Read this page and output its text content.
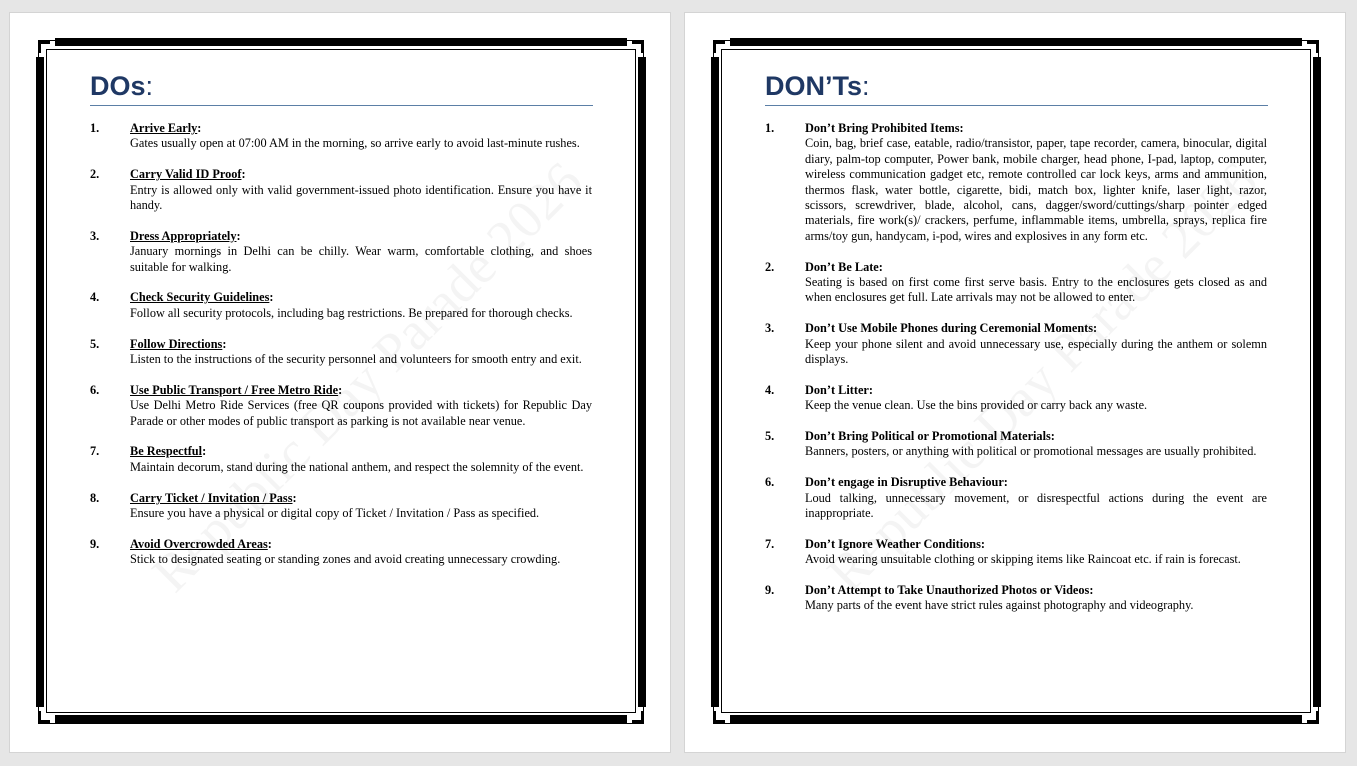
DOs:
1.	Arrive Early:
Gates usually open at 07:00 AM in the morning, so arrive early to avoid last-minute rushes.
2.	Carry Valid ID Proof:
Entry is allowed only with valid government-issued photo identification. Ensure you have it handy.
3.	Dress Appropriately:
January mornings in Delhi can be chilly. Wear warm, comfortable clothing, and shoes suitable for walking.
4.	Check Security Guidelines:
Follow all security protocols, including bag restrictions. Be prepared for thorough checks.
5.	Follow Directions:
Listen to the instructions of the security personnel and volunteers for smooth entry and exit.
6.	Use Public Transport / Free Metro Ride:
Use Delhi Metro Ride Services (free QR coupons provided with tickets) for Republic Day Parade or other modes of public transport as parking is not available near venue.
7.	Be Respectful:
Maintain decorum, stand during the national anthem, and respect the solemnity of the event.
8.	Carry Ticket / Invitation / Pass:
Ensure you have a physical or digital copy of Ticket / Invitation / Pass as specified.
9.	Avoid Overcrowded Areas:
Stick to designated seating or standing zones and avoid creating unnecessary crowding.
DON’Ts:
1.	Don’t Bring Prohibited Items:
Coin, bag, brief case, eatable, radio/transistor, paper, tape recorder, camera, binocular, digital diary, palm-top computer, Power bank, mobile charger, head phone, I-pad, laptop, computer, wireless communication gadget etc, remote controlled car lock keys, arms and ammunition, thermos flask, water bottle, cigarette, bidi, match box, lighter knife, laser light, razor, scissors, screwdriver, blade, alcohol, cans, dagger/sword/cuttings/sharp pointer edged materials, fire work(s)/ crackers, perfume, inflammable items, umbrella, sprays, replica fire arms/toy gun, handycam, i-pod, wires and explosives in any form etc.
2.	Don’t Be Late:
Seating is based on first come first serve basis. Entry to the enclosures gets closed as and when enclosures get full. Late arrivals may not be allowed to enter.
3.	Don’t Use Mobile Phones during Ceremonial Moments:
Keep your phone silent and avoid unnecessary use, especially during the anthem or solemn displays.
4.	Don’t Litter:
Keep the venue clean. Use the bins provided or carry back any waste.
5.	Don’t Bring Political or Promotional Materials:
Banners, posters, or anything with political or promotional messages are usually prohibited.
6.	Don’t engage in Disruptive Behaviour:
Loud talking, unnecessary movement, or disrespectful actions during the event are inappropriate.
7.	Don’t Ignore Weather Conditions:
Avoid wearing unsuitable clothing or skipping items like Raincoat etc. if rain is forecast.
9.	Don’t Attempt to Take Unauthorized Photos or Videos:
Many parts of the event have strict rules against photography and videography.
